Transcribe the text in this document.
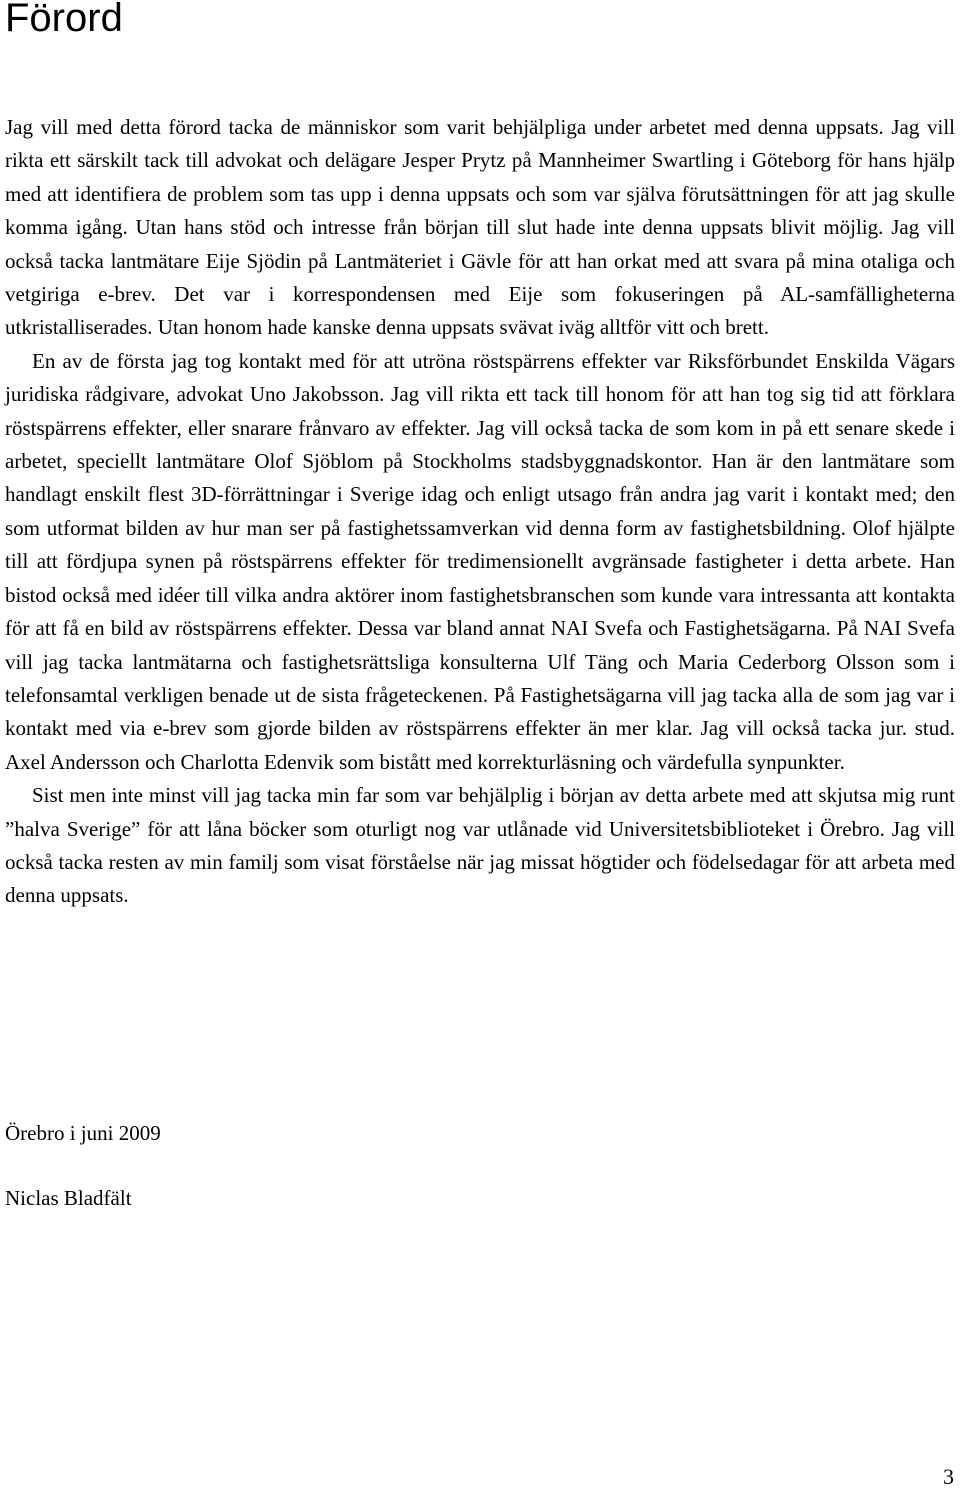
Förord

Jag vill med detta förord tacka de människor som varit behjälpliga under arbetet med denna uppsats. Jag vill rikta ett särskilt tack till advokat och delägare Jesper Prytz på Mannheimer Swartling i Göteborg för hans hjälp med att identifiera de problem som tas upp i denna uppsats och som var själva förutsättningen för att jag skulle komma igång. Utan hans stöd och intresse från början till slut hade inte denna uppsats blivit möjlig. Jag vill också tacka lantmätare Eije Sjödin på Lantmäteriet i Gävle för att han orkat med att svara på mina otaliga och vetgiriga e-brev. Det var i korrespondensen med Eije som fokuseringen på AL-samfälligheterna utkristalliserades. Utan honom hade kanske denna uppsats svävat iväg alltför vitt och brett.

En av de första jag tog kontakt med för att utröna röstspärrens effekter var Riksförbundet Enskilda Vägars juridiska rådgivare, advokat Uno Jakobsson. Jag vill rikta ett tack till honom för att han tog sig tid att förklara röstspärrens effekter, eller snarare frånvaro av effekter. Jag vill också tacka de som kom in på ett senare skede i arbetet, speciellt lantmätare Olof Sjöblom på Stockholms stadsbyggnadskontor. Han är den lantmätare som handlagt enskilt flest 3D-förrättningar i Sverige idag och enligt utsago från andra jag varit i kontakt med; den som utformat bilden av hur man ser på fastighetssamverkan vid denna form av fastighetsbildning. Olof hjälpte till att fördjupa synen på röstspärrens effekter för tredimensionellt avgränsade fastigheter i detta arbete. Han bistod också med idéer till vilka andra aktörer inom fastighetsbranschen som kunde vara intressanta att kontakta för att få en bild av röstspärrens effekter. Dessa var bland annat NAI Svefa och Fastighetsägarna. På NAI Svefa vill jag tacka lantmätarna och fastighetsrättsliga konsulterna Ulf Täng och Maria Cederborg Olsson som i telefonsamtal verkligen benade ut de sista frågeteckenen. På Fastighetsägarna vill jag tacka alla de som jag var i kontakt med via e-brev som gjorde bilden av röstspärrens effekter än mer klar. Jag vill också tacka jur. stud. Axel Andersson och Charlotta Edenvik som bistått med korrekturläsning och värdefulla synpunkter.

Sist men inte minst vill jag tacka min far som var behjälplig i början av detta arbete med att skjutsa mig runt ”halva Sverige” för att låna böcker som oturligt nog var utlånade vid Universitetsbiblioteket i Örebro. Jag vill också tacka resten av min familj som visat förståelse när jag missat högtider och födelsedagar för att arbeta med denna uppsats.

Örebro i juni 2009
Niclas Bladfält
3
